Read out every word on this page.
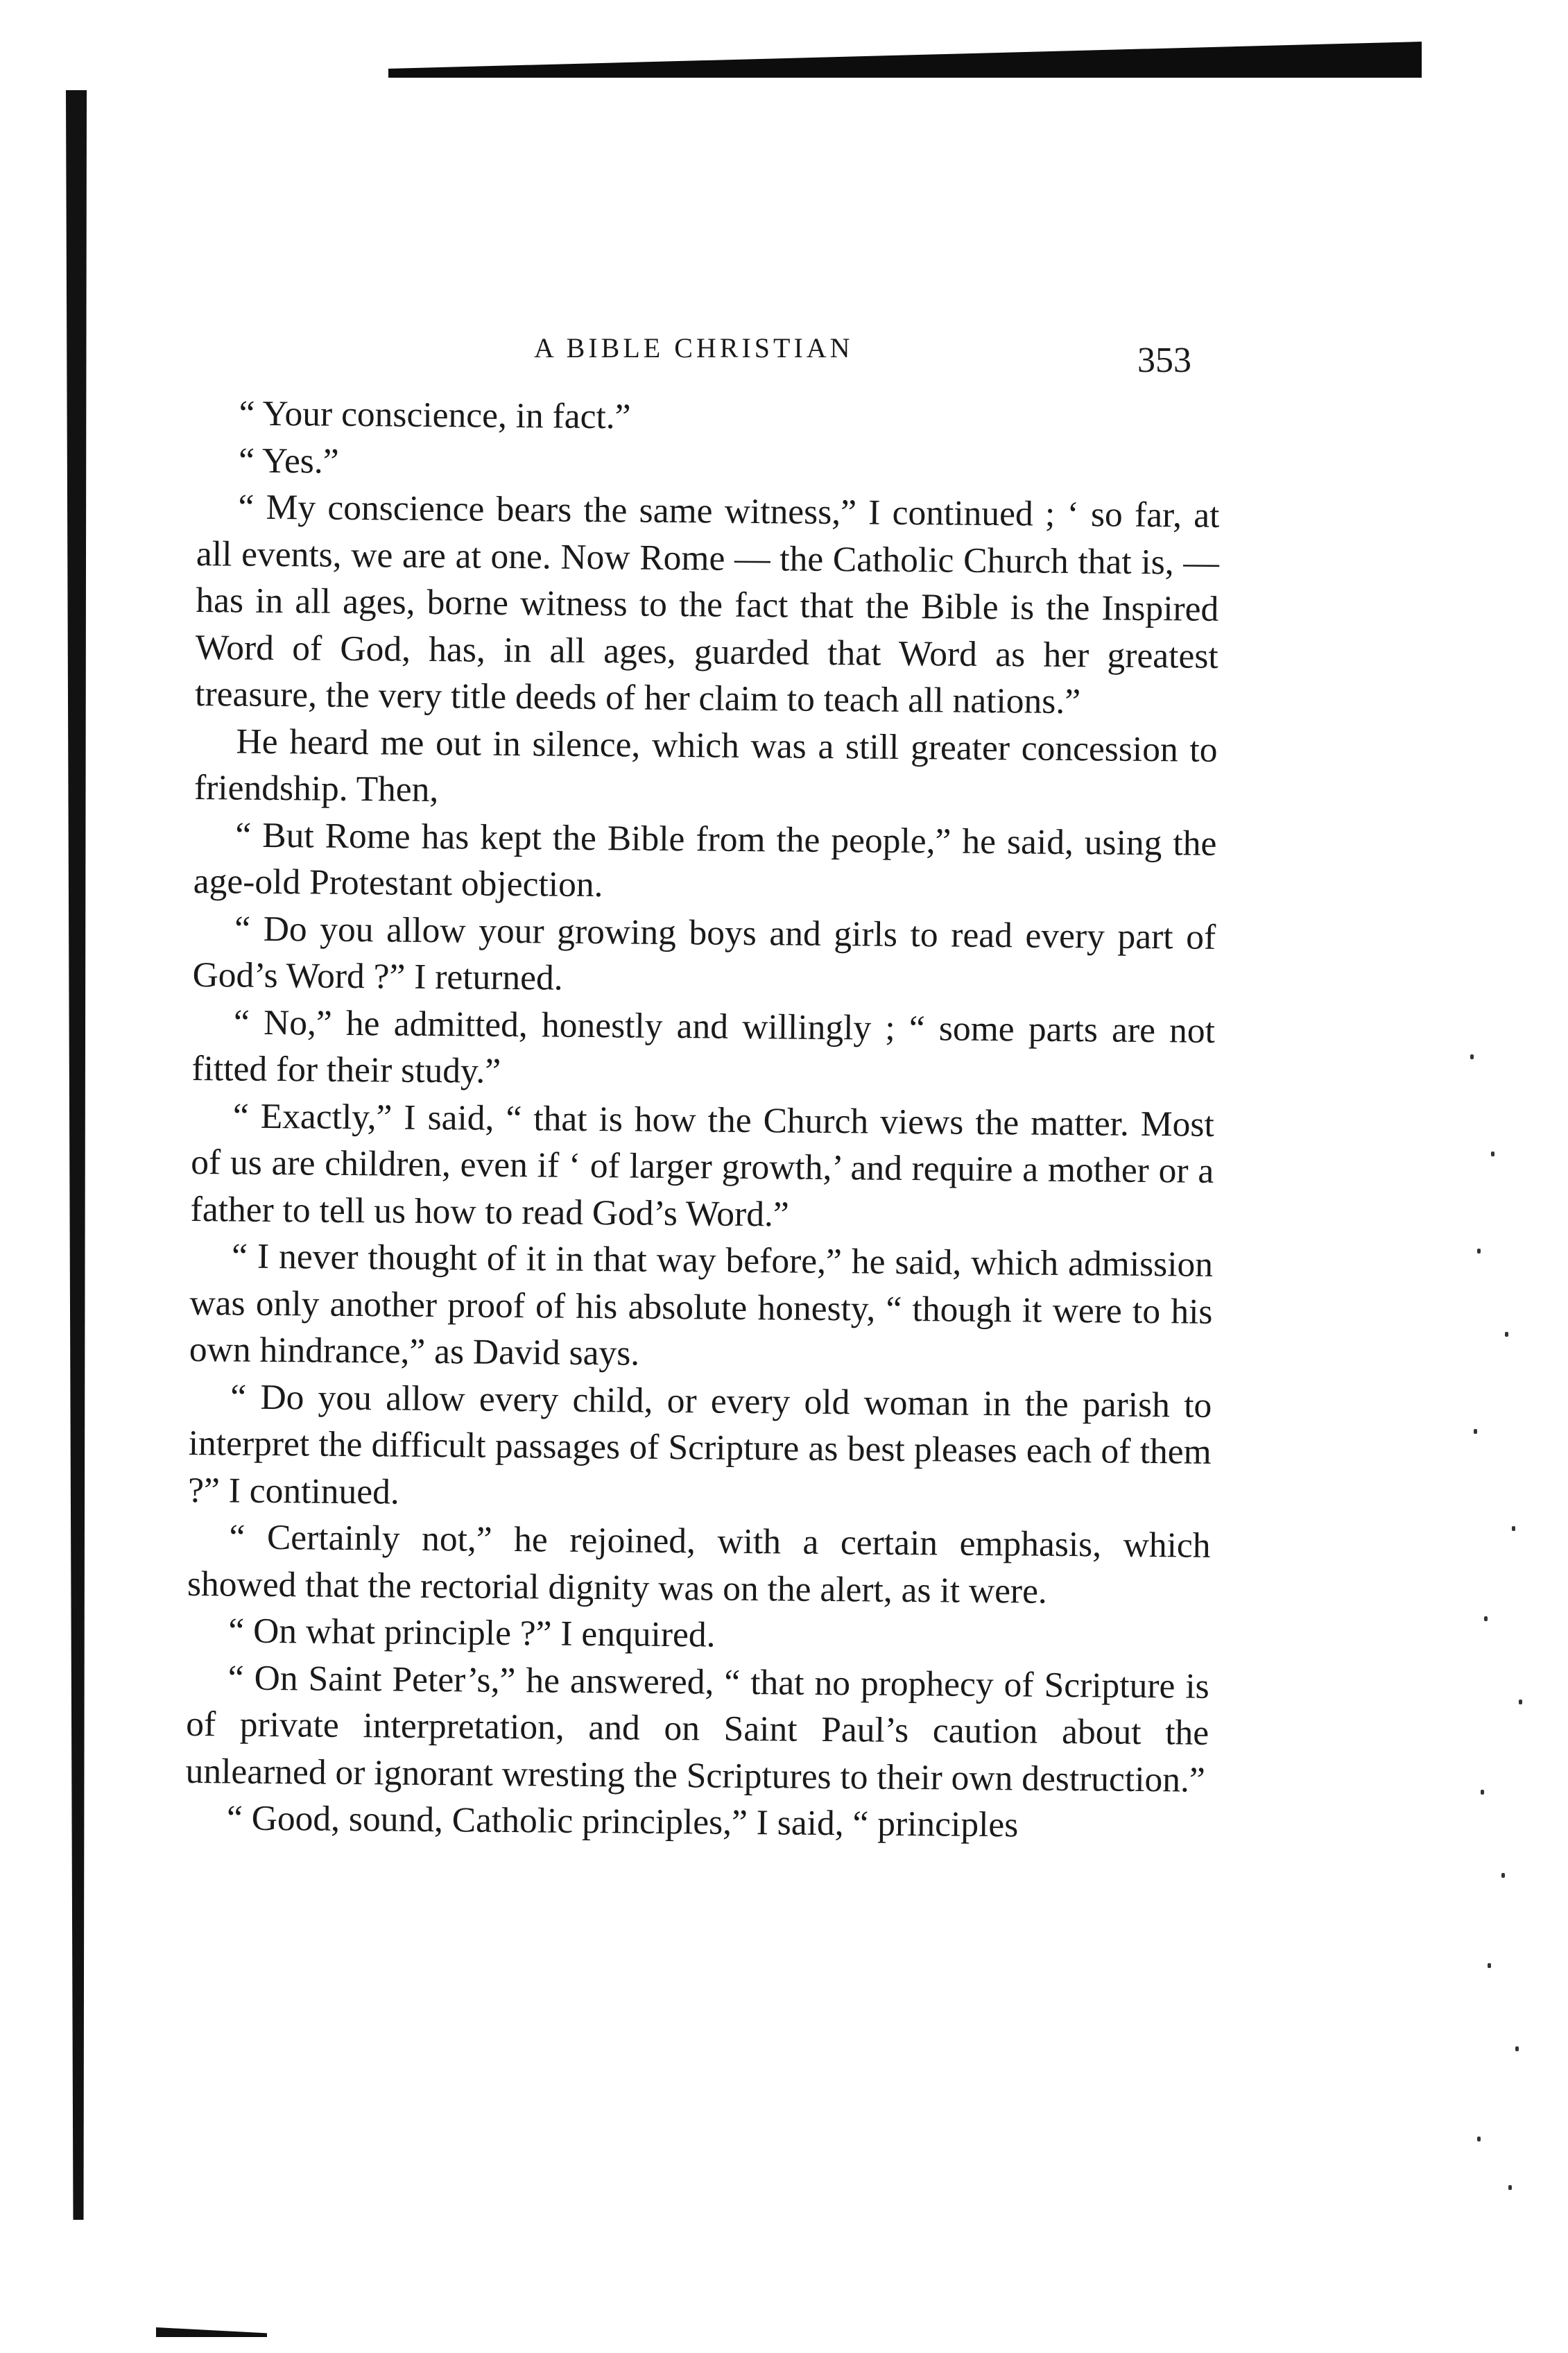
A BIBLE CHRISTIAN	353

“ Your conscience, in fact.”

“ Yes.”

“ My conscience bears the same witness,” I continued ; ‘ so far, at all events, we are at one. Now Rome — the Catholic Church that is, — has in all ages, borne witness to the fact that the Bible is the Inspired Word of God, has, in all ages, guarded that Word as her greatest treasure, the very title deeds of her claim to teach all nations.”

He heard me out in silence, which was a still greater concession to friendship. Then,

“ But Rome has kept the Bible from the people,” he said, using the age-old Protestant objection.

“ Do you allow your growing boys and girls to read every part of God’s Word ?” I returned.

“ No,” he admitted, honestly and willingly ; “ some parts are not fitted for their study.”

“ Exactly,” I said, “ that is how the Church views the matter. Most of us are children, even if ‘ of larger growth,’ and require a mother or a father to tell us how to read God’s Word.”

“ I never thought of it in that way before,” he said, which admission was only another proof of his absolute honesty, “ though it were to his own hindrance,” as David says.

“ Do you allow every child, or every old woman in the parish to interpret the difficult passages of Scripture as best pleases each of them ?” I continued.

“ Certainly not,” he rejoined, with a certain emphasis, which showed that the rectorial dignity was on the alert, as it were.

“ On what principle ?” I enquired.

“ On Saint Peter’s,” he answered, “ that no prophecy of Scripture is of private interpretation, and on Saint Paul’s caution about the unlearned or ignorant wresting the Scriptures to their own destruction.”

“ Good, sound, Catholic principles,” I said, “ principles
